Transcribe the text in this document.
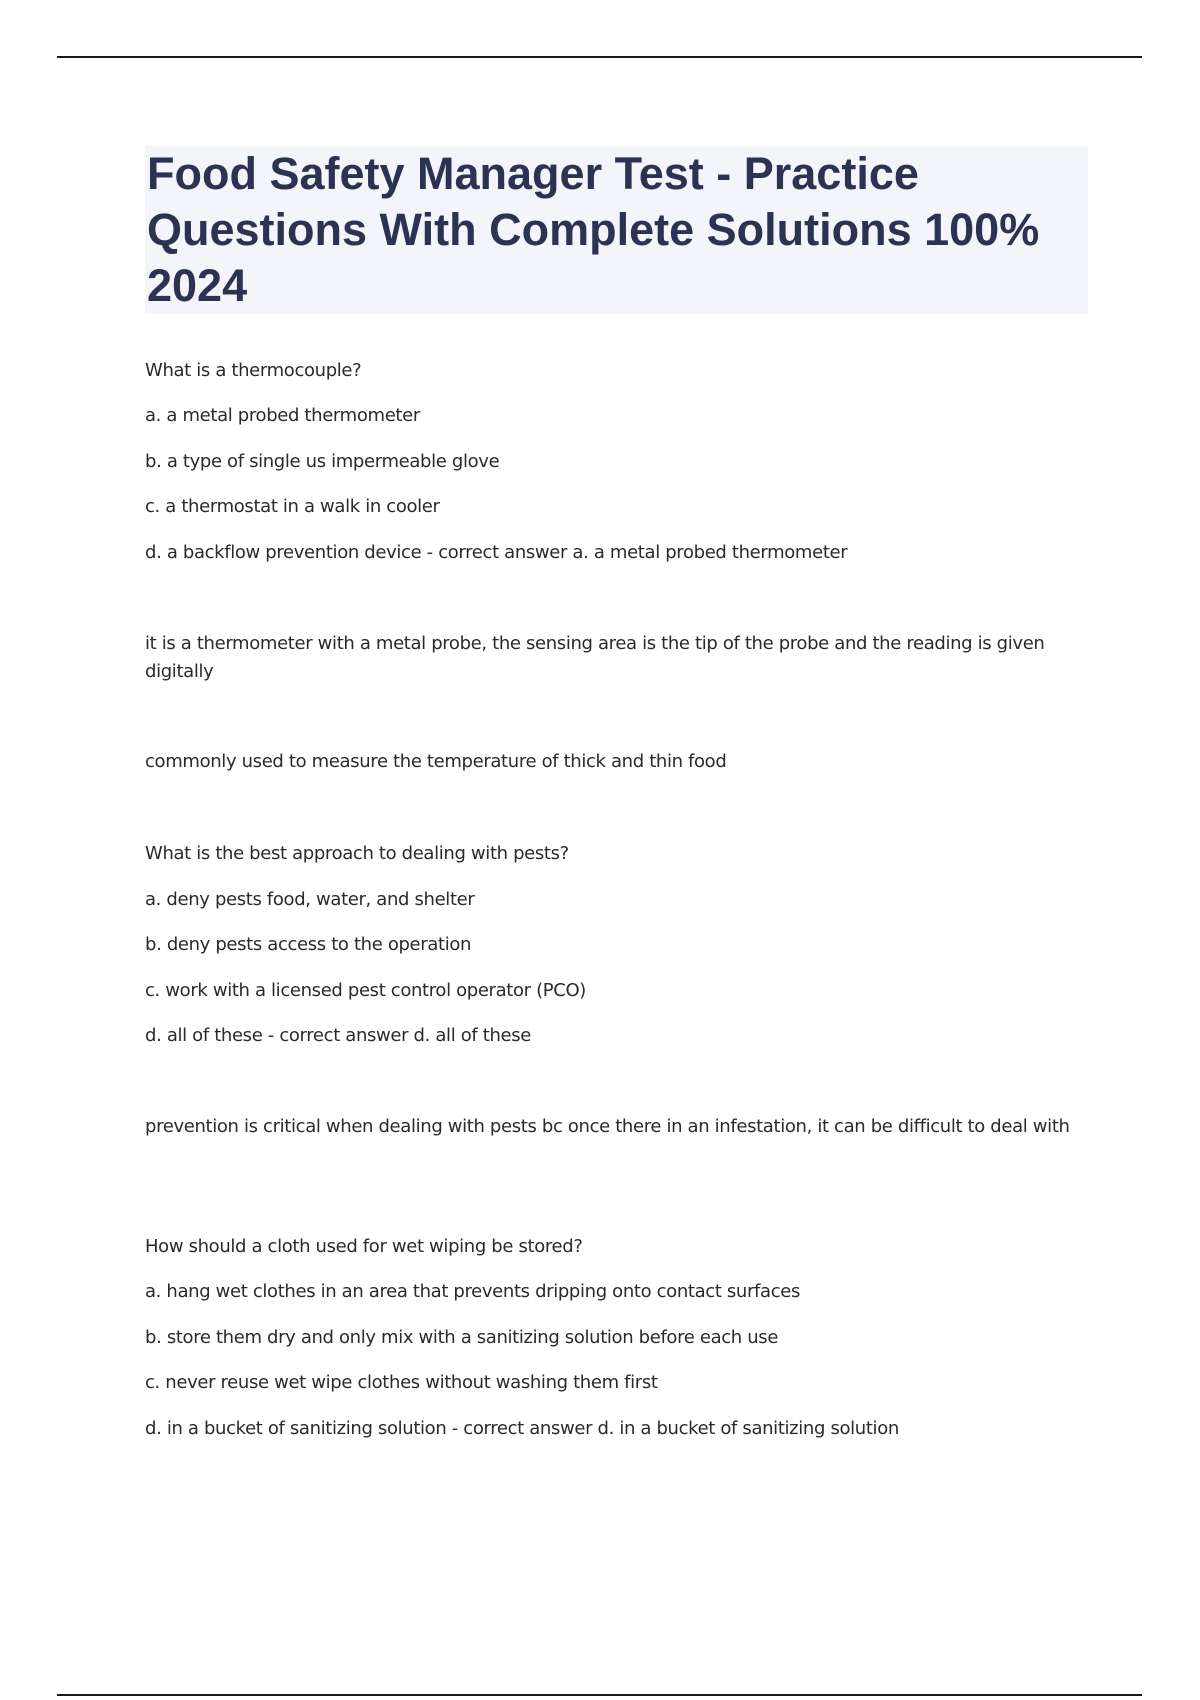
Food Safety Manager Test - Practice Questions With Complete Solutions 100% 2024

What is a thermocouple?

a. a metal probed thermometer

b. a type of single us impermeable glove

c. a thermostat in a walk in cooler

d. a backflow prevention device - correct answer a. a metal probed thermometer

it is a thermometer with a metal probe, the sensing area is the tip of the probe and the reading is given digitally

commonly used to measure the temperature of thick and thin food

What is the best approach to dealing with pests?

a. deny pests food, water, and shelter

b. deny pests access to the operation

c. work with a licensed pest control operator (PCO)

d. all of these - correct answer d. all of these

prevention is critical when dealing with pests bc once there in an infestation, it can be difficult to deal with

How should a cloth used for wet wiping be stored?

a. hang wet clothes in an area that prevents dripping onto contact surfaces

b. store them dry and only mix with a sanitizing solution before each use

c. never reuse wet wipe clothes without washing them first

d. in a bucket of sanitizing solution - correct answer d. in a bucket of sanitizing solution
